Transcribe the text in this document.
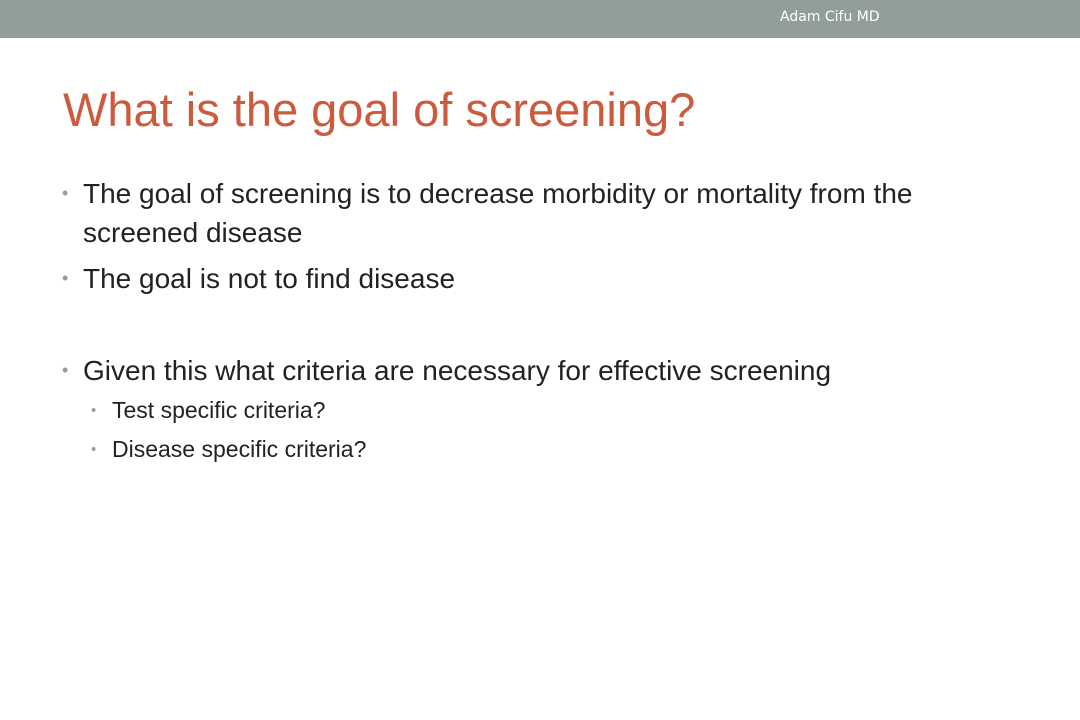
Adam Cifu MD
What is the goal of screening?
• The goal of screening is to decrease morbidity or mortality from the screened disease
• The goal is not to find disease
• Given this what criteria are necessary for effective screening
• Test specific criteria?
• Disease specific criteria?
